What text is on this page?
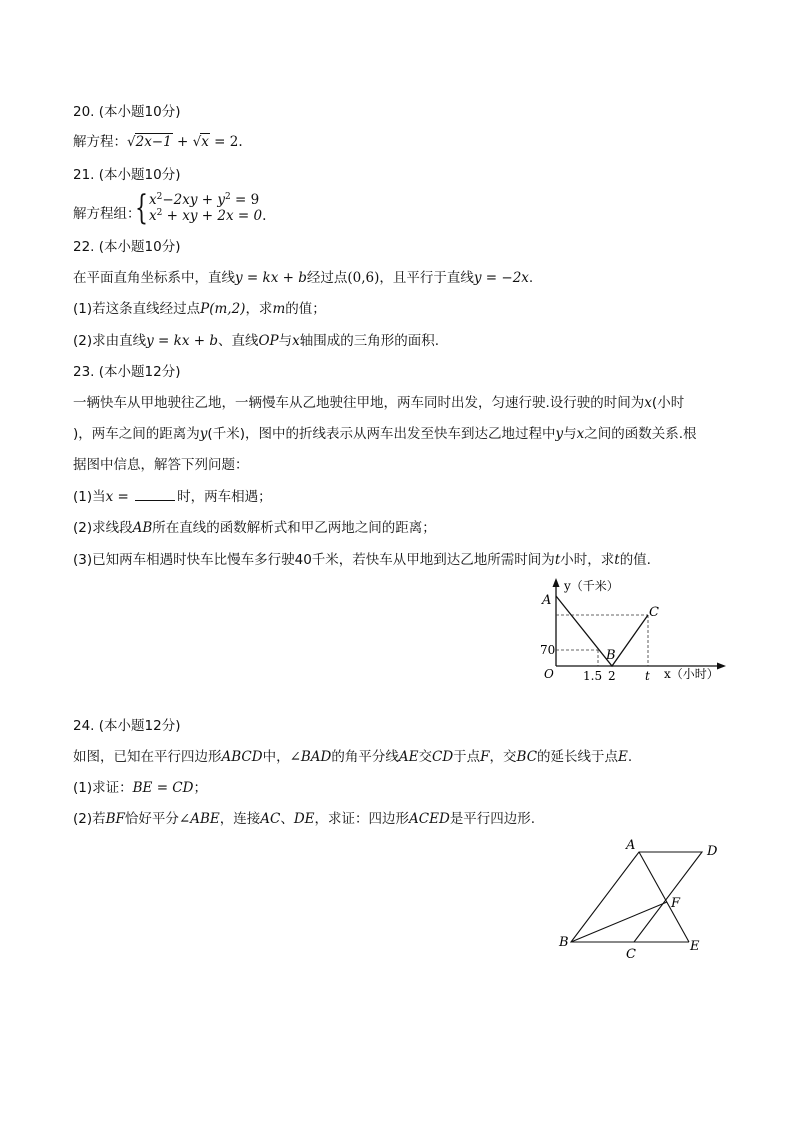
20. (本小题10分)
解方程：√2x−1 + √x = 2.
21. (本小题10分)
解方程组：
{ $x^2-2xy + y^2 = 9$
$x^2$ + xy + 2x = 0.
22. (本小题10分)
在平面直角坐标系中，直线y = kx + b经过点(0,6)，且平行于直线y = −2x.
(1)若这条直线经过点P(m,2)，求m的值；
(2)求由直线y = kx + b、直线OP与x轴围成的三角形的面积.
23. (本小题12分)
一辆快车从甲地驶往乙地，一辆慢车从乙地驶往甲地，两车同时出发，匀速行驶.设行驶的时间为x(小时
)，两车之间的距离为y(千米)，图中的折线表示从两车出发至快车到达乙地过程中y与x之间的函数关系.根
据图中信息，解答下列问题：
(1)当x =	时，两车相遇；
(2)求线段AB所在直线的函数解析式和甲乙两地之间的距离；
(3)已知两车相遇时快车比慢车多行驶40千米，若快车从甲地到达乙地所需时间为t小时，求t的值.
y（千米）
A
C
70	B
O 1.5 2 t x（小时）
24. (本小题12分)
如图，已知在平行四边形ABCD中，∠BAD的角平分线AE交CD于点F，交BC的延长线于点E.
(1)求证：BE = CD；
(2)若BF恰好平分∠ABE，连接AC、DE，求证：四边形ACED是平行四边形.
A	D
F
B
C
E
